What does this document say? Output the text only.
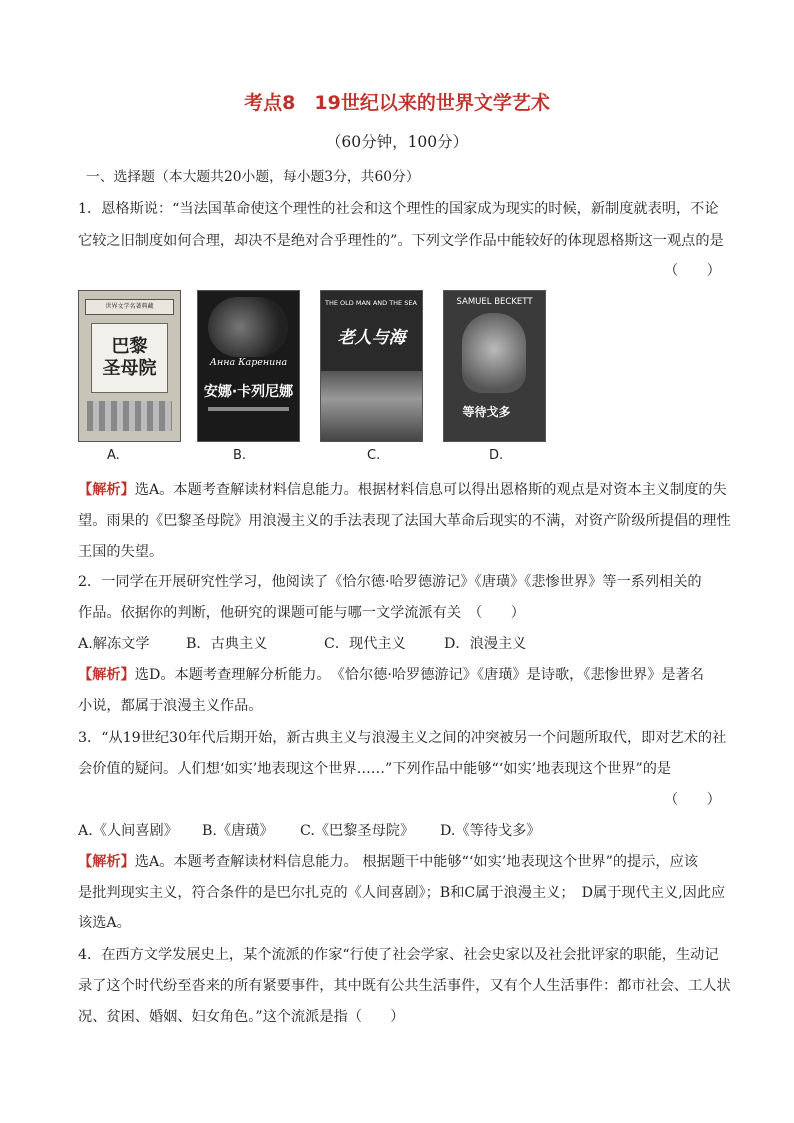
考点8　19世纪以来的世界文学艺术
（60分钟，100分）
一、选择题（本大题共20小题，每小题3分，共60分）
1．恩格斯说：“当法国革命使这个理性的社会和这个理性的国家成为现实的时候，新制度就表明，不论
它较之旧制度如何合理，却决不是绝对合乎理性的”。下列文学作品中能较好的体现恩格斯这一观点的是
（　　）
世界文学名著典藏
巴黎
圣母院	Анна Каренина
安娜·卡列尼娜
THE OLD MAN AND THE SEA
老人与海
SAMUEL BECKETT
等待戈多
A.	B.	C.	D.
【解析】选A。本题考查解读材料信息能力。根据材料信息可以得出恩格斯的观点是对资本主义制度的失
望。雨果的《巴黎圣母院》用浪漫主义的手法表现了法国大革命后现实的不满，对资产阶级所提倡的理性
王国的失望。
2．一同学在开展研究性学习，他阅读了《恰尔德·哈罗德游记》《唐璜》《悲惨世界》等一系列相关的
作品。依据你的判断，他研究的课题可能与哪一文学流派有关　（　　）
A.解冻文学	B．古典主义	C．现代主义	D．浪漫主义
【解析】选D。本题考查理解分析能力。　《恰尔德·哈罗德游记》《唐璜》是诗歌，《悲惨世界》是著名
小说，都属于浪漫主义作品。
3．“从19世纪30年代后期开始，新古典主义与浪漫主义之间的冲突被另一个问题所取代，即对艺术的社
会价值的疑问。人们想‘如实’地表现这个世界……”下列作品中能够“‘如实’地表现这个世界”的是
（　　）
A.《人间喜剧》 B.《唐璜》 C.《巴黎圣母院》 D.《等待戈多》
【解析】选A。本题考查解读材料信息能力。 根据题干中能够“‘如实’地表现这个世界”的提示，应该
是批判现实主义，符合条件的是巴尔扎克的《人间喜剧》；B和C属于浪漫主义；　D属于现代主义,因此应
该选A。
4．在西方文学发展史上，某个流派的作家“行使了社会学家、社会史家以及社会批评家的职能，生动记
录了这个时代纷至沓来的所有紧要事件，其中既有公共生活事件，又有个人生活事件：都市社会、工人状
况、贫困、婚姻、妇女角色。”这个流派是指（　　）
